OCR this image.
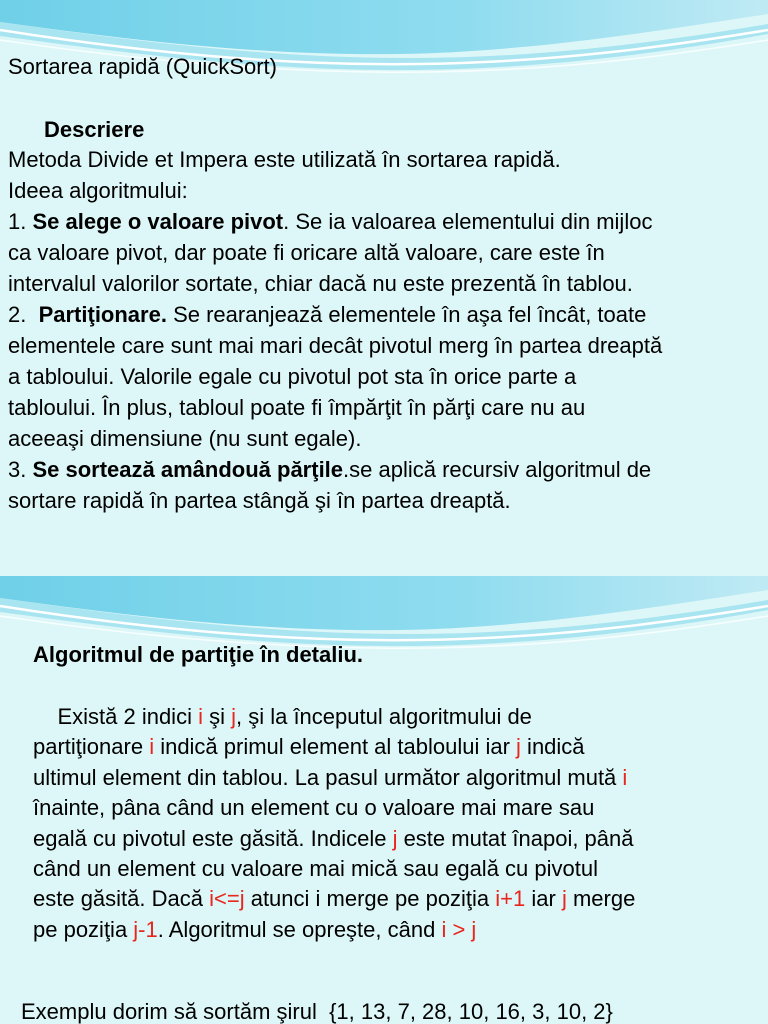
Sortarea rapidă (QuickSort)
Descriere
Metoda Divide et Impera este utilizată în sortarea rapidă.
Ideea algoritmului:
1. Se alege o valoare pivot. Se ia valoarea elementului din mijloc
ca valoare pivot, dar poate fi oricare altă valoare, care este în
intervalul valorilor sortate, chiar dacă nu este prezentă în tablou.
2.  Partiţionare. Se rearanjează elementele în aşa fel încât, toate
elementele care sunt mai mari decât pivotul merg în partea dreaptă
a tabloului. Valorile egale cu pivotul pot sta în orice parte a
tabloului. În plus, tabloul poate fi împărţit în părţi care nu au
aceeaşi dimensiune (nu sunt egale).
3. Se sortează amândouă părţile.se aplică recursiv algoritmul de
sortare rapidă în partea stângă şi în partea dreaptă.
Algoritmul de partiţie în detaliu.
Există 2 indici i şi j, şi la începutul algoritmului de
partiţionare i indică primul element al tabloului iar j indică
ultimul element din tablou. La pasul următor algoritmul mută i
înainte, pâna când un element cu o valoare mai mare sau
egală cu pivotul este găsită. Indicele j este mutat înapoi, până
când un element cu valoare mai mică sau egală cu pivotul
este găsită. Dacă i<=j atunci i merge pe poziţia i+1 iar j merge
pe poziţia j-1. Algoritmul se opreşte, când i > j
Exemplu dorim să sortăm şirul  {1, 13, 7, 28, 10, 16, 3, 10, 2}
